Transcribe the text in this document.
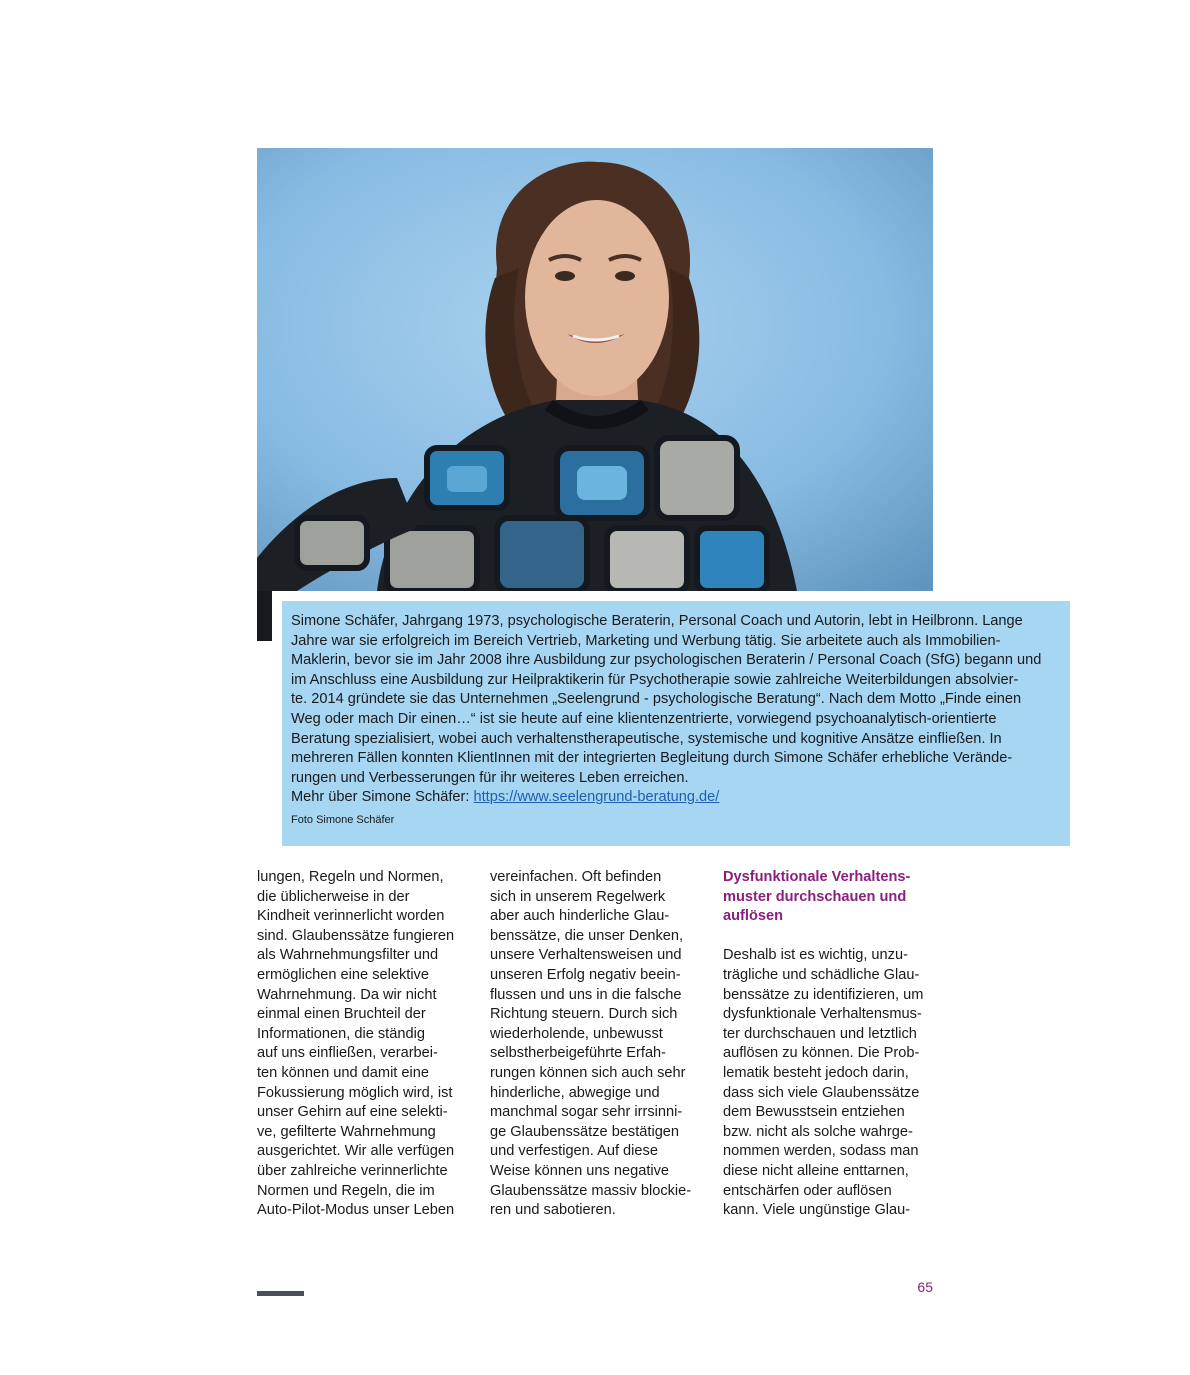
Simone Schäfer, Jahrgang 1973, psychologische Beraterin, Personal Coach und Autorin, lebt in Heilbronn. Lange

Jahre war sie erfolgreich im Bereich Vertrieb, Marketing und Werbung tätig. Sie arbeitete auch als Immobilien-

Maklerin, bevor sie im Jahr 2008 ihre Ausbildung zur psychologischen Beraterin / Personal Coach (SfG) begann und

im Anschluss eine Ausbildung zur Heilpraktikerin für Psychotherapie sowie zahlreiche Weiterbildungen absolvier-

te. 2014 gründete sie das Unternehmen „Seelengrund - psychologische Beratung“. Nach dem Motto „Finde einen

Weg oder mach Dir einen…“ ist sie heute auf eine klientenzentrierte, vorwiegend psychoanalytisch-orientierte

Beratung spezialisiert, wobei auch verhaltenstherapeutische, systemische und kognitive Ansätze einfließen. In

mehreren Fällen konnten KlientInnen mit der integrierten Begleitung durch Simone Schäfer erhebliche Verände-

rungen und Verbesserungen für ihr weiteres Leben erreichen.

Mehr über Simone Schäfer: https://www.seelengrund-beratung.de/

Foto Simone Schäfer

lungen, Regeln und Normen,
die üblicherweise in der
Kindheit verinnerlicht worden
sind. Glaubenssätze fungieren
als Wahrnehmungsfilter und
ermöglichen eine selektive
Wahrnehmung. Da wir nicht
einmal einen Bruchteil der
Informationen, die ständig
auf uns einfließen, verarbei-
ten können und damit eine
Fokussierung möglich wird, ist
unser Gehirn auf eine selekti-
ve, gefilterte Wahrnehmung
ausgerichtet. Wir alle verfügen
über zahlreiche verinnerlichte
Normen und Regeln, die im
Auto-Pilot-Modus unser Leben
vereinfachen. Oft befinden
sich in unserem Regelwerk
aber auch hinderliche Glau-
benssätze, die unser Denken,
unsere Verhaltensweisen und
unseren Erfolg negativ beein-
flussen und uns in die falsche
Richtung steuern. Durch sich
wiederholende, unbewusst
selbstherbeigeführte Erfah-
rungen können sich auch sehr
hinderliche, abwegige und
manchmal sogar sehr irrsinni-
ge Glaubenssätze bestätigen
und verfestigen. Auf diese
Weise können uns negative
Glaubenssätze massiv blockie-
ren und sabotieren.
Dysfunktionale Verhaltens-
muster durchschauen und
auflösen
Deshalb ist es wichtig, unzu-
trägliche und schädliche Glau-
benssätze zu identifizieren, um
dysfunktionale Verhaltensmus-
ter durchschauen und letztlich
auflösen zu können. Die Prob-
lematik besteht jedoch darin,
dass sich viele Glaubenssätze
dem Bewusstsein entziehen
bzw. nicht als solche wahrge-
nommen werden, sodass man
diese nicht alleine enttarnen,
entschärfen oder auflösen
kann. Viele ungünstige Glau-
65
